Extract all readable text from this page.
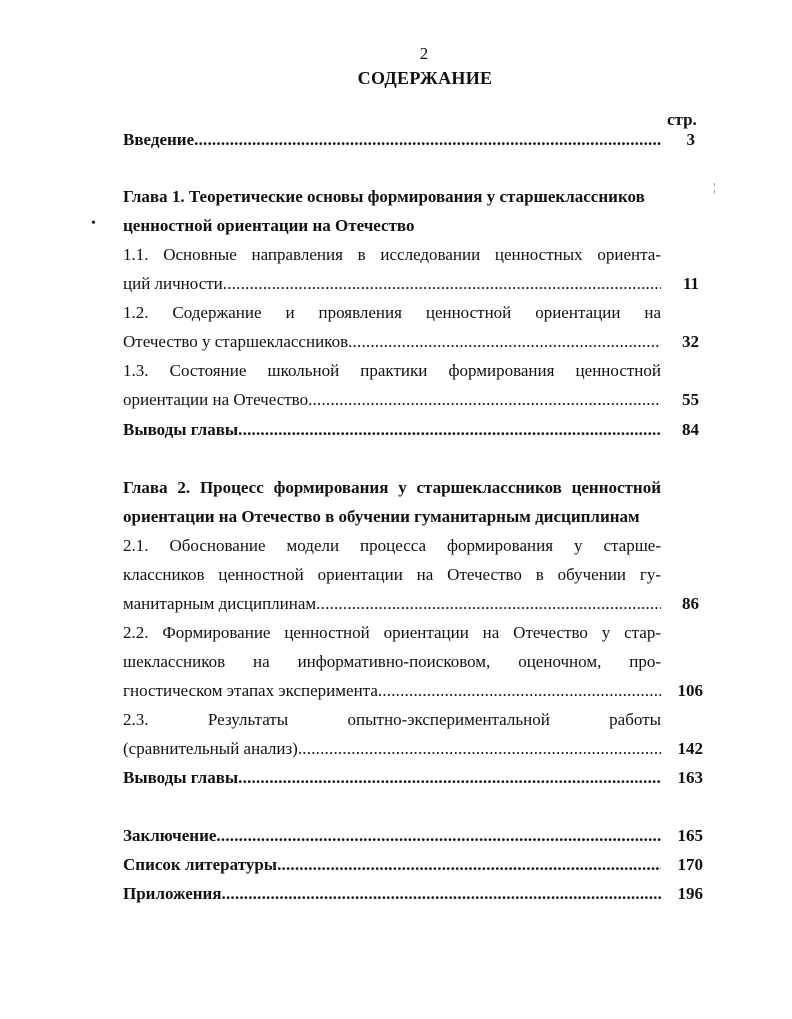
2
СОДЕРЖАНИЕ
стр.
Введение .....	3
Глава 1. Теоретические основы формирования у старшеклассников
ценностной ориентации на Отечество
1.1. Основные направления в исследовании ценностных ориента-
ций личности .....	11
1.2. Содержание и проявления ценностной ориентации на
Отечество у старшеклассников .....	32
1.3. Состояние школьной практики формирования ценностной
ориентации на Отечество .....	55
Выводы главы .....	84
Глава 2. Процесс формирования у старшеклассников ценностной
ориентации на Отечество в обучении гуманитарным дисциплинам
2.1. Обоснование модели процесса формирования у старше-
классников ценностной ориентации на Отечество в обучении гу-
манитарным дисциплинам .....	86
2.2. Формирование ценностной ориентации на Отечество у стар-
шеклассников на информативно-поисковом, оценочном, про-
гностическом этапах эксперимента .....	106
2.3. Результаты опытно-экспериментальной работы
(сравнительный анализ) .....	142
Выводы главы .....	163
Заключение .....	165
Список литературы .....	170
Приложения .....	196
•
¦
